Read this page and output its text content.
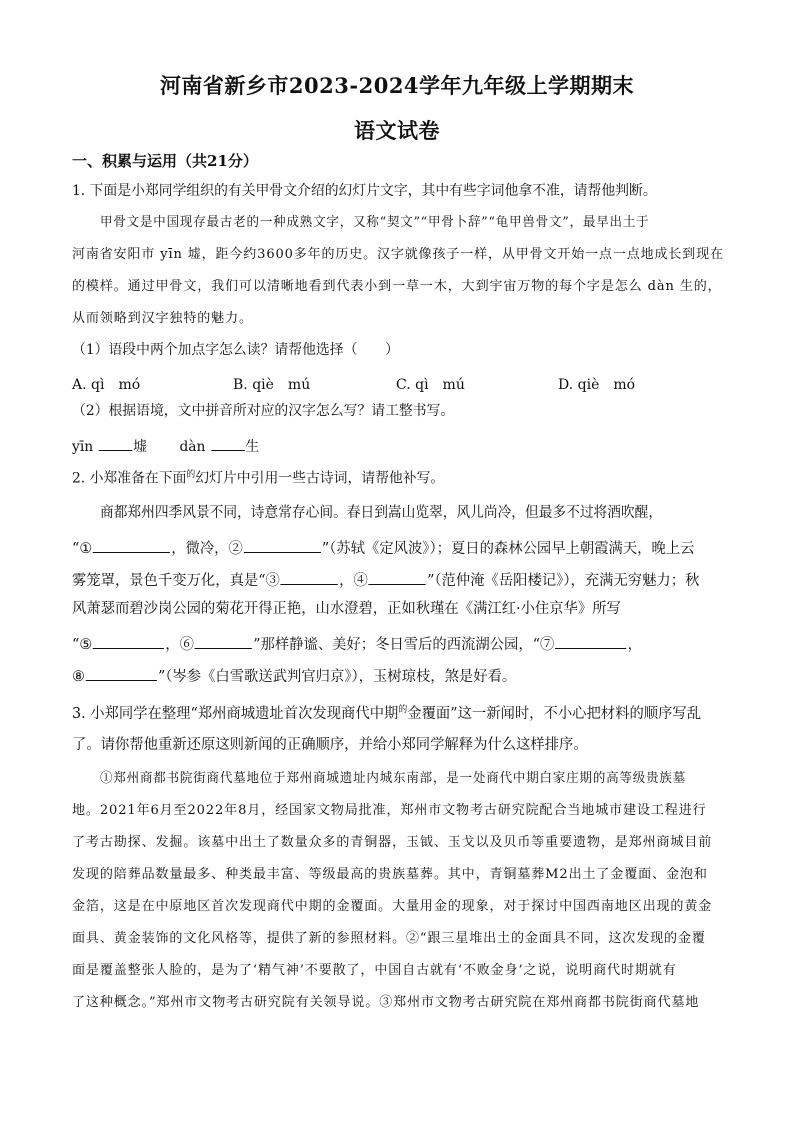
河南省新乡市2023-2024学年九年级上学期期末
语文试卷
一、积累与运用（共21分）
1. 下面是小郑同学组织的有关甲骨文介绍的幻灯片文字，其中有些字词他拿不准，请帮他判断。
甲骨文是中国现存最古老的一种成熟文字，又称“契文”“甲骨卜辞”“龟甲兽骨文”，最早出土于
河南省安阳市 yīn 墟，距今约3600多年的历史。汉字就像孩子一样，从甲骨文开始一点一点地成长到现在
的模样。通过甲骨文，我们可以清晰地看到代表小到一草一木，大到宇宙万物的每个字是怎么 dàn 生的，
从而领略到汉字独特的魅力。
（1）语段中两个加点字怎么读？请帮他选择（　　）
A. qì　mó	B. qiè　mú	C. qì　mú	D. qiè　mó
（2）根据语境，文中拼音所对应的汉字怎么写？请工整书写。
yīn	墟 dàn	生
2. 小郑准备在下面$^的$幻灯片中引用一些古诗词，请帮他补写。
商都郑州四季风景不同，诗意常存心间。春日到嵩山览翠，风儿尚冷，但最多不过将酒吹醒，
“①	，微冷，②	”（苏轼《定风波》）；夏日的森林公园早上朝霞满天，晚上云
雾笼罩，景色千变万化，真是“③	，④	”（范仲淹《岳阳楼记》），充满无穷魅力；秋
风萧瑟而碧沙岗公园的菊花开得正艳，山水澄碧，正如秋瑾在《满江红·小住京华》所写
“⑤	，⑥	”那样静谧、美好；冬日雪后的西流湖公园，“⑦	，
⑧	”（岑参《白雪歌送武判官归京》），玉树琼枝，煞是好看。
3. 小郑同学在整理“郑州商城遗址首次发现商代中期$^的$金覆面”这一新闻时，不小心把材料的顺序写乱
了。请你帮他重新还原这则新闻的正确顺序，并给小郑同学解释为什么这样排序。
①郑州商都书院街商代墓地位于郑州商城遗址内城东南部，是一处商代中期白家庄期的高等级贵族墓
地。2021年6月至2022年8月，经国家文物局批准，郑州市文物考古研究院配合当地城市建设工程进行
了考古勘探、发掘。该墓中出土了数量众多的青铜器，玉钺、玉戈以及贝币等重要遗物，是郑州商城目前
发现的陪葬品数量最多、种类最丰富、等级最高的贵族墓葬。其中，青铜墓葬M2出土了金覆面、金泡和
金箔，这是在中原地区首次发现商代中期的金覆面。大量用金的现象，对于探讨中国西南地区出现的黄金
面具、黄金装饰的文化风格等，提供了新的参照材料。②“跟三星堆出土的金面具不同，这次发现的金覆
面是覆盖整张人脸的，是为了‘精气神’不要散了，中国自古就有‘不败金身’之说，说明商代时期就有
了这种概念。”郑州市文物考古研究院有关领导说。③郑州市文物考古研究院在郑州商都书院街商代墓地
